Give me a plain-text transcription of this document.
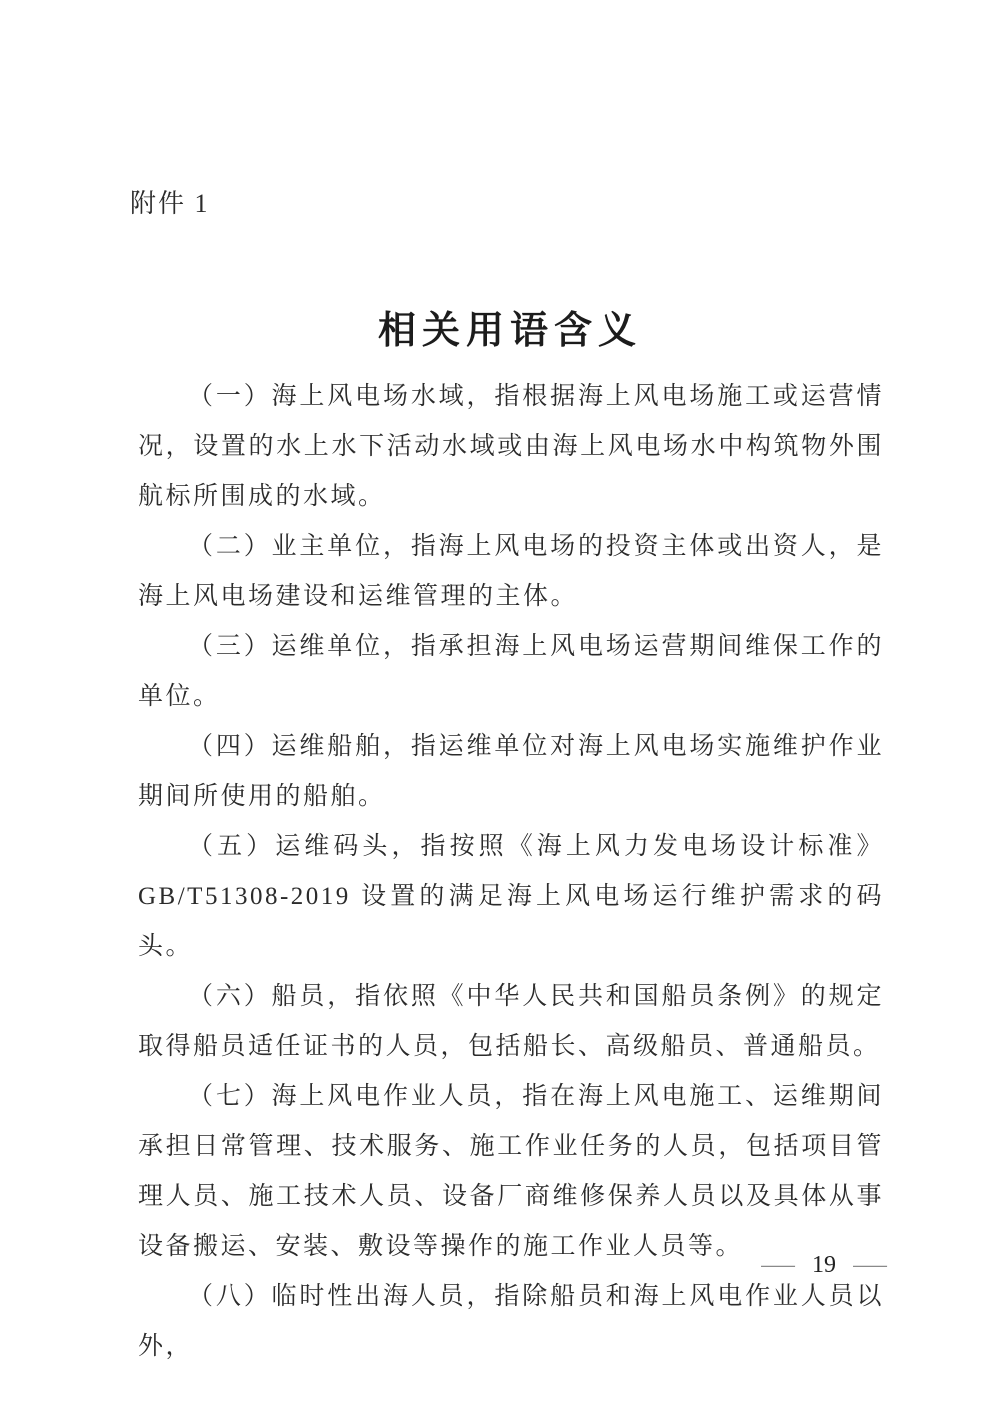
附件 1
相关用语含义

（一）海上风电场水域，指根据海上风电场施工或运营情况，设置的水上水下活动水域或由海上风电场水中构筑物外围航标所围成的水域。

（二）业主单位，指海上风电场的投资主体或出资人，是海上风电场建设和运维管理的主体。

（三）运维单位，指承担海上风电场运营期间维保工作的单位。

（四）运维船舶，指运维单位对海上风电场实施维护作业期间所使用的船舶。

（五）运维码头，指按照《海上风力发电场设计标准》GB/T51308-2019 设置的满足海上风电场运行维护需求的码头。

（六）船员，指依照《中华人民共和国船员条例》的规定取得船员适任证书的人员，包括船长、高级船员、普通船员。

（七）海上风电作业人员，指在海上风电施工、运维期间承担日常管理、技术服务、施工作业任务的人员，包括项目管理人员、施工技术人员、设备厂商维修保养人员以及具体从事设备搬运、安装、敷设等操作的施工作业人员等。

（八）临时性出海人员，指除船员和海上风电作业人员以外，

— 19 —
